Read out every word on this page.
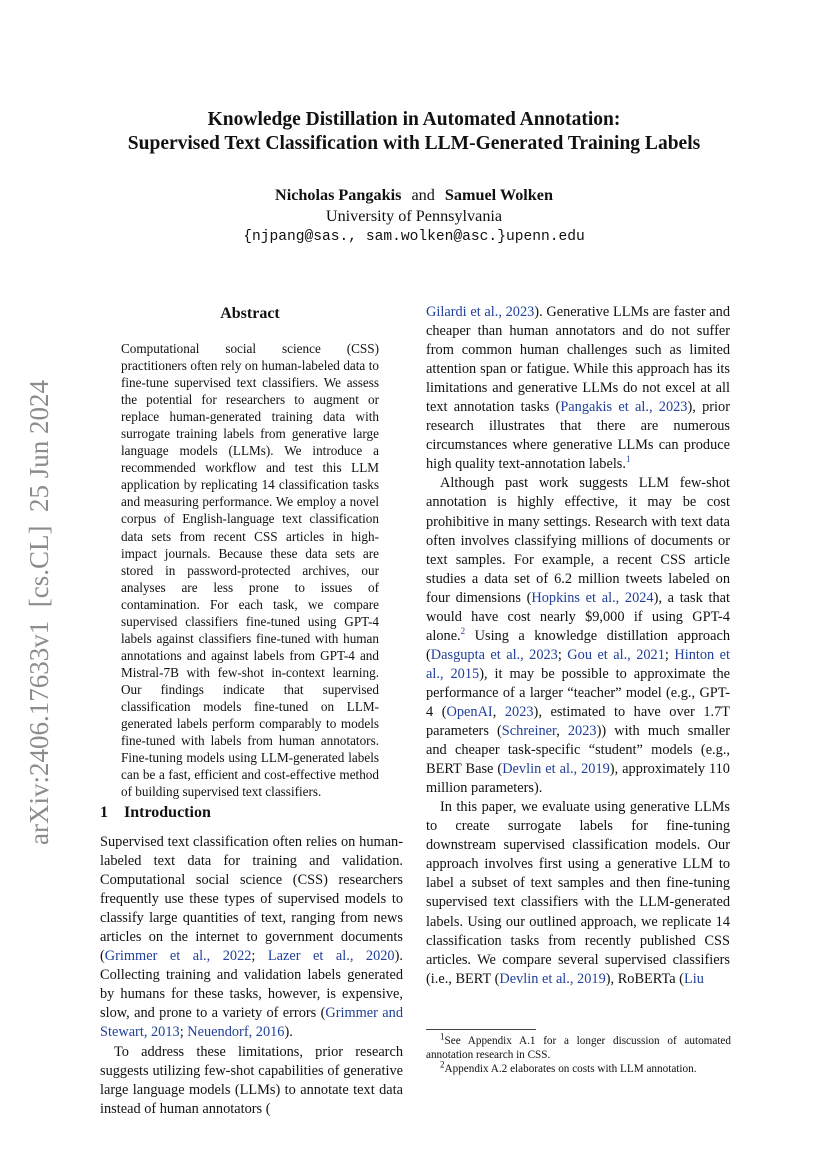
arXiv:2406.17633v1  [cs.CL]  25 Jun 2024
Knowledge Distillation in Automated Annotation:
Supervised Text Classification with LLM-Generated Training Labels
Nicholas Pangakis and Samuel Wolken
University of Pennsylvania
{njpang@sas., sam.wolken@asc.}upenn.edu
Abstract
Computational social science (CSS) practitioners often rely on human-labeled data to fine-tune supervised text classifiers. We assess the potential for researchers to augment or replace human-generated training data with surrogate training labels from generative large language models (LLMs). We introduce a recommended workflow and test this LLM application by replicating 14 classification tasks and measuring performance. We employ a novel corpus of English-language text classification data sets from recent CSS articles in high-impact journals. Because these data sets are stored in password-protected archives, our analyses are less prone to issues of contamination. For each task, we compare supervised classifiers fine-tuned using GPT-4 labels against classifiers fine-tuned with human annotations and against labels from GPT-4 and Mistral-7B with few-shot in-context learning. Our findings indicate that supervised classification models fine-tuned on LLM-generated labels perform comparably to models fine-tuned with labels from human annotators. Fine-tuning models using LLM-generated labels can be a fast, efficient and cost-effective method of building supervised text classifiers.
1 Introduction

Supervised text classification often relies on human-labeled text data for training and validation. Computational social science (CSS) researchers frequently use these types of supervised models to classify large quantities of text, ranging from news articles on the internet to government documents (Grimmer et al., 2022; Lazer et al., 2020). Collecting training and validation labels generated by humans for these tasks, however, is expensive, slow, and prone to a variety of errors (Grimmer and Stewart, 2013; Neuendorf, 2016).

To address these limitations, prior research suggests utilizing few-shot capabilities of generative large language models (LLMs) to annotate text data instead of human annotators (

Gilardi et al., 2023). Generative LLMs are faster and cheaper than human annotators and do not suffer from common human challenges such as limited attention span or fatigue. While this approach has its limitations and generative LLMs do not excel at all text annotation tasks (Pangakis et al., 2023), prior research illustrates that there are numerous circumstances where generative LLMs can produce high quality text-annotation labels.$^1$

Although past work suggests LLM few-shot annotation is highly effective, it may be cost prohibitive in many settings. Research with text data often involves classifying millions of documents or text samples. For example, a recent CSS article studies a data set of 6.2 million tweets labeled on four dimensions (Hopkins et al., 2024), a task that would have cost nearly $9,000 if using GPT-4 alone.$^2$ Using a knowledge distillation approach (Dasgupta et al., 2023; Gou et al., 2021; Hinton et al., 2015), it may be possible to approximate the performance of a larger “teacher” model (e.g., GPT-4 (OpenAI, 2023), estimated to have over 1.7T parameters (Schreiner, 2023)) with much smaller and cheaper task-specific “student” models (e.g., BERT Base (Devlin et al., 2019), approximately 110 million parameters).

In this paper, we evaluate using generative LLMs to create surrogate labels for fine-tuning downstream supervised classification models. Our approach involves first using a generative LLM to label a subset of text samples and then fine-tuning supervised text classifiers with the LLM-generated labels. Using our outlined approach, we replicate 14 classification tasks from recently published CSS articles. We compare several supervised classifiers (i.e., BERT (Devlin et al., 2019), RoBERTa (Liu

$^1$See Appendix A.1 for a longer discussion of automated annotation research in CSS.

$^2$Appendix A.2 elaborates on costs with LLM annotation.
